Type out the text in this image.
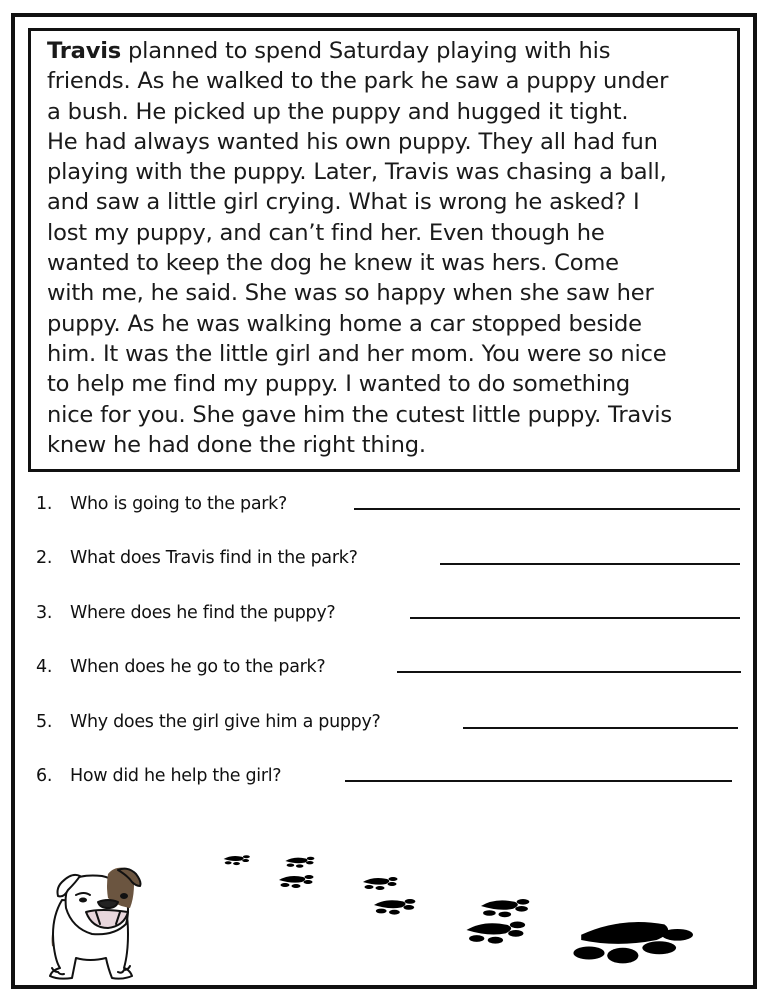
Travis planned to spend Saturday playing with his
friends. As he walked to the park he saw a puppy under
a bush. He picked up the puppy and hugged it tight.
He had always wanted his own puppy. They all had fun
playing with the puppy. Later, Travis was chasing a ball,
and saw a little girl crying. What is wrong he asked? I
lost my puppy, and can’t find her. Even though he
wanted to keep the dog he knew it was hers. Come
with me, he said. She was so happy when she saw her
puppy. As he was walking home a car stopped beside
him. It was the little girl and her mom. You were so nice
to help me find my puppy. I wanted to do something
nice for you. She gave him the cutest little puppy. Travis
knew he had done the right thing.

1.	Who is going to the park?
2.	What does Travis find in the park?
3.	Where does he find the puppy?
4.	When does he go to the park?
5.	Why does the girl give him a puppy?
6.	How did he help the girl?
